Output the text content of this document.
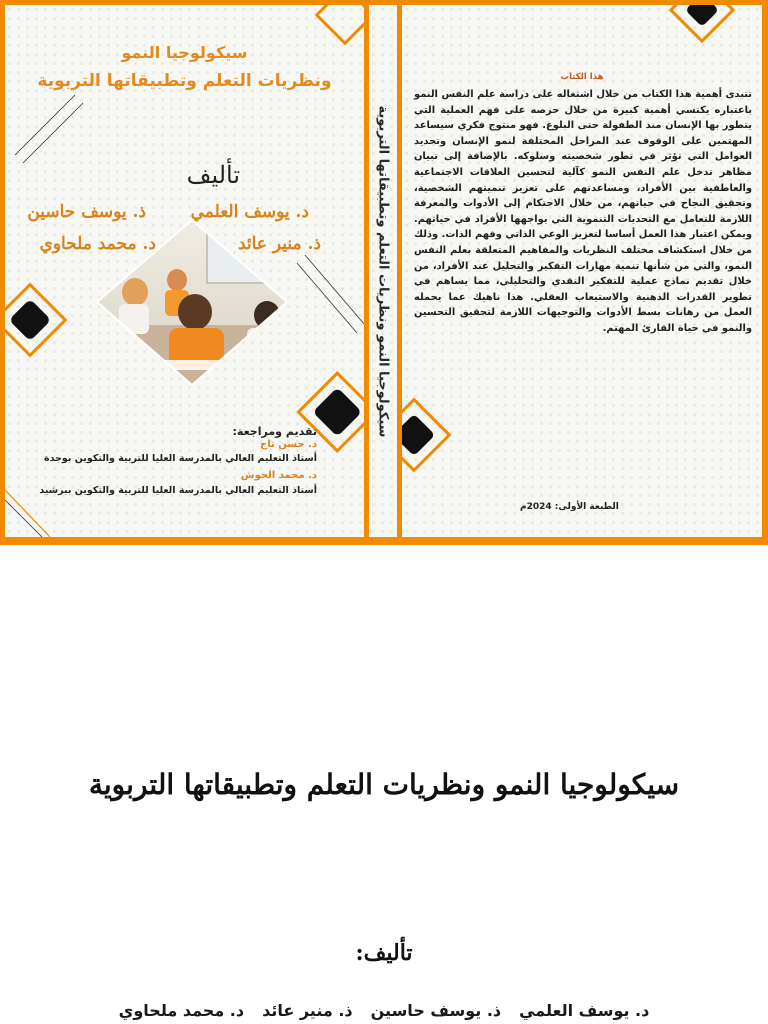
سيكولوجيا النمو
ونظريات التعلم وتطبيقاتها التربوية
تأليف
د. يوسف العلمي
ذ. يوسف حاسين
ذ. منير عائد
د. محمد ملحاوي
تقديم ومراجعة:
د. حسن تاج
أستاذ التعليم العالي بالمدرسة العليا للتربية والتكوين بوجدة
د. محمد الحوش
أستاذ التعليم العالي بالمدرسة العليا للتربية والتكوين ببرشيد
سيكولوجيا النمو ونظريات التعلم وتطبيقاتها التربوية
هذا الكتاب
تتبدى أهمية هذا الكتاب من خلال اشتغاله على دراسة علم النفس النمو باعتباره يكتسي أهمية كبيرة من خلال حرصه على فهم العملية التي يتطور بها الإنسان منذ الطفولة حتى البلوغ. فهو منتوج فكري سيساعد المهتمين على الوقوف عند المراحل المختلفة لنمو الإنسان وتحديد العوامل التي تؤثر في تطور شخصيته وسلوكه. بالإضافة إلى تبيان مظاهر تدخل علم النفس النمو كآلية لتحسين العلاقات الاجتماعية والعاطفية بين الأفراد، ومساعدتهم على تعزيز تنميتهم الشخصية، وتحقيق النجاح في حياتهم، من خلال الاحتكام إلى الأدوات والمعرفة اللازمة للتعامل مع التحديات التنموية التي يواجهها الأفراد في حياتهم. ويمكن اعتبار هذا العمل أساسا لتعزيز الوعي الذاتي وفهم الذات. وذلك من خلال استكشاف مختلف النظريات والمفاهيم المتعلقة بعلم النفس النمو، والتي من شأنها تنمية مهارات التفكير والتحليل عند الأفراد، من خلال تقديم نماذج عملية للتفكير النقدي والتحليلي، مما يساهم في تطوير القدرات الذهنية والاستيعاب العقلي. هذا ناهيك عما يحمله العمل من رهانات بسط الأدوات والتوجيهات اللازمة لتحقيق التحسين والنمو في حياة القارئ المهتم.
الطبعة الأولى: 2024م
سيكولوجيا النمو ونظريات التعلم وتطبيقاتها التربوية
تأليف:
د. يوسف العلمي
ذ. يوسف حاسين
ذ. منير عائد
د. محمد ملحاوي
